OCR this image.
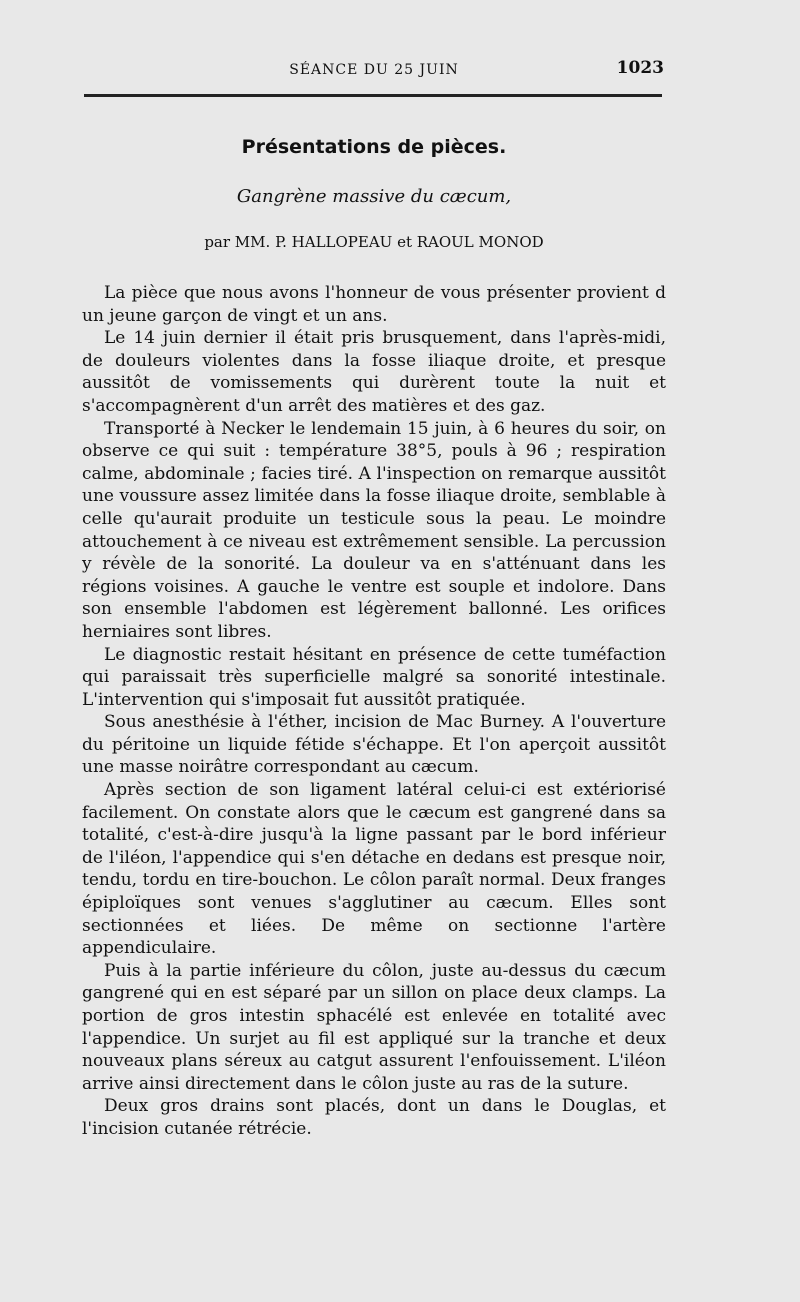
SÉANCE DU 25 JUIN	1023
Présentations de pièces.
Gangrène massive du cæcum,
par MM. P. HALLOPEAU et RAOUL MONOD

La pièce que nous avons l'honneur de vous présenter provient d un jeune garçon de vingt et un ans.

Le 14 juin dernier il était pris brusquement, dans l'après-midi, de douleurs violentes dans la fosse iliaque droite, et presque aussitôt de vomissements qui durèrent toute la nuit et s'accompagnèrent d'un arrêt des matières et des gaz.

Transporté à Necker le lendemain 15 juin, à 6 heures du soir, on observe ce qui suit : température 38°5, pouls à 96 ; respiration calme, abdominale ; facies tiré. A l'inspection on remarque aussitôt une voussure assez limitée dans la fosse iliaque droite, semblable à celle qu'aurait produite un testicule sous la peau. Le moindre attouchement à ce niveau est extrêmement sensible. La percussion y révèle de la sonorité. La douleur va en s'atténuant dans les régions voisines. A gauche le ventre est souple et indolore. Dans son ensemble l'abdomen est légèrement ballonné. Les orifices herniaires sont libres.

Le diagnostic restait hésitant en présence de cette tuméfaction qui paraissait très superficielle malgré sa sonorité intestinale. L'intervention qui s'imposait fut aussitôt pratiquée.

Sous anesthésie à l'éther, incision de Mac Burney. A l'ouverture du péritoine un liquide fétide s'échappe. Et l'on aperçoit aussitôt une masse noirâtre correspondant au cæcum.

Après section de son ligament latéral celui-ci est extériorisé facilement. On constate alors que le cæcum est gangrené dans sa totalité, c'est-à-dire jusqu'à la ligne passant par le bord inférieur de l'iléon, l'appendice qui s'en détache en dedans est presque noir, tendu, tordu en tire-bouchon. Le côlon paraît normal. Deux franges épiploïques sont venues s'agglutiner au cæcum. Elles sont sectionnées et liées. De même on sectionne l'artère appendiculaire.

Puis à la partie inférieure du côlon, juste au-dessus du cæcum gangrené qui en est séparé par un sillon on place deux clamps. La portion de gros intestin sphacélé est enlevée en totalité avec l'appendice. Un surjet au fil est appliqué sur la tranche et deux nouveaux plans séreux au catgut assurent l'enfouissement. L'iléon arrive ainsi directement dans le côlon juste au ras de la suture.

Deux gros drains sont placés, dont un dans le Douglas, et l'incision cutanée rétrécie.
